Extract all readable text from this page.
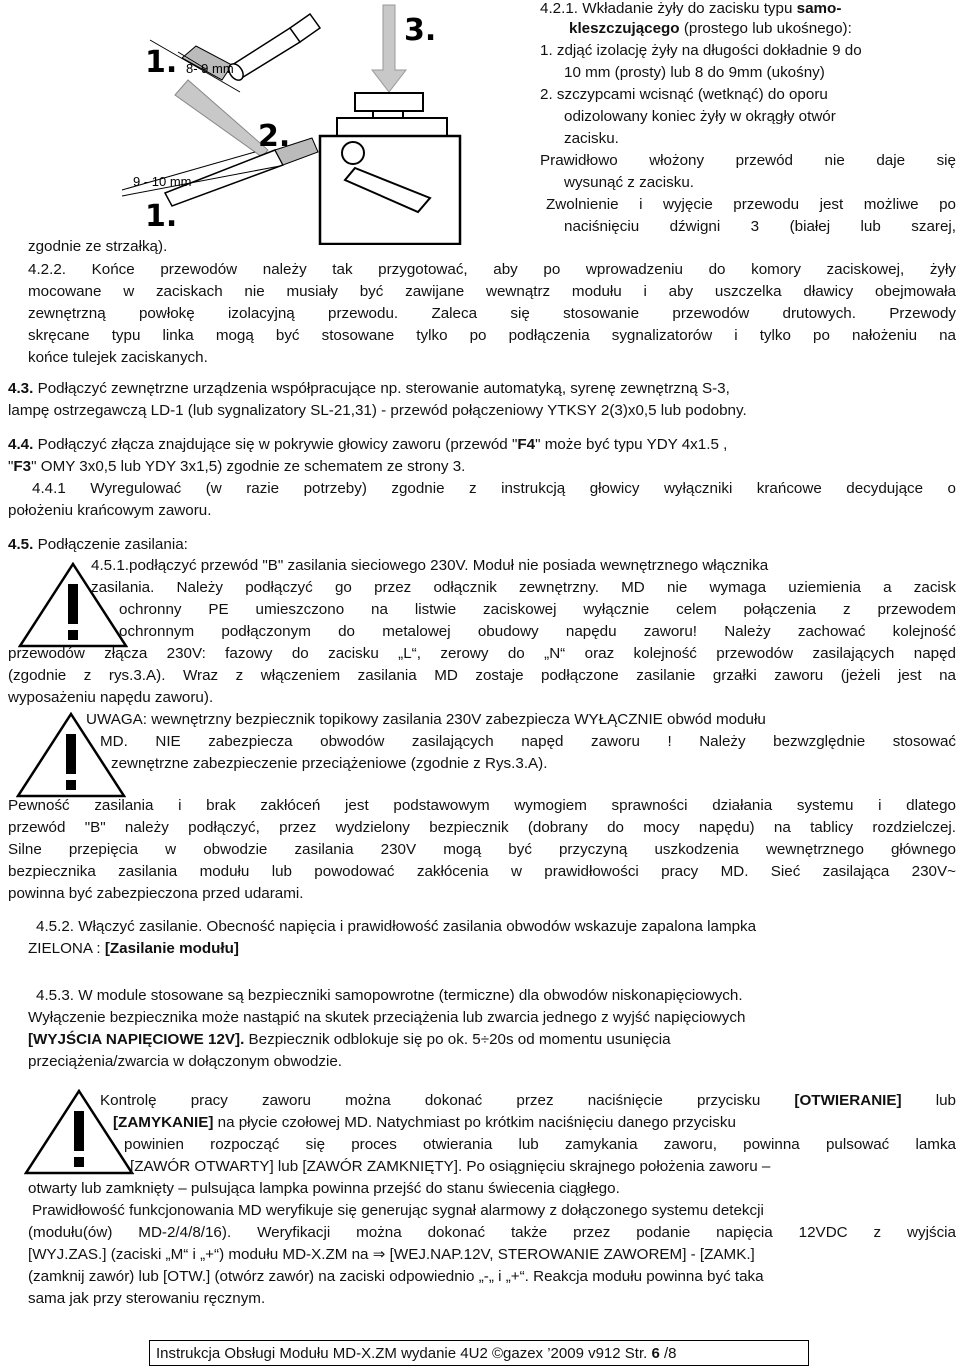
1. 8- 9 mm
2.
3.
9 - 10 mm
1.
4.2.1. Wkładanie żyły do zacisku typu samo-
kleszczującego (prostego lub ukośnego):
1. zdjąć izolację żyły na długości dokładnie 9 do
10 mm (prosty) lub 8 do 9mm (ukośny)
2. szczypcami wcisnąć (wetknąć) do oporu
odizolowany koniec żyły w okrągły otwór
zacisku.
Prawidłowo włożony przewód nie daje się
wysunąć z zacisku.
Zwolnienie i wyjęcie przewodu jest możliwe po
naciśnięciu dźwigni 3 (białej lub szarej,
zgodnie ze strzałką).
4.2.2. Końce przewodów należy tak przygotować, aby po wprowadzeniu do komory zaciskowej, żyły
mocowane w zaciskach nie musiały być zawijane wewnątrz modułu i aby uszczelka dławicy obejmowała
zewnętrzną powłokę izolacyjną przewodu. Zaleca się stosowanie przewodów drutowych. Przewody
skręcane typu linka mogą być stosowane tylko po podłączenia sygnalizatorów i tylko po nałożeniu na
końce tulejek zaciskanych.
4.3. Podłączyć zewnętrzne urządzenia współpracujące np. sterowanie automatyką, syrenę zewnętrzną S-3,
lampę ostrzegawczą LD-1 (lub sygnalizatory SL-21,31) - przewód połączeniowy YTKSY 2(3)x0,5 lub podobny.
4.4. Podłączyć złącza znajdujące się w pokrywie głowicy zaworu (przewód "F4" może być typu YDY 4x1.5 ,
"F3" OMY 3x0,5 lub YDY 3x1,5) zgodnie ze schematem ze strony 3.
4.4.1 Wyregulować (w razie potrzeby) zgodnie z instrukcją głowicy wyłączniki krańcowe decydujące o
położeniu krańcowym zaworu.
4.5. Podłączenie zasilania:
4.5.1.podłączyć przewód "B" zasilania sieciowego 230V. Moduł nie posiada wewnętrznego włącznika
zasilania. Należy podłączyć go przez odłącznik zewnętrzny. MD nie wymaga uziemienia a zacisk
ochronny PE umieszczono na listwie zaciskowej wyłącznie celem połączenia z przewodem
ochronnym podłączonym do metalowej obudowy napędu zaworu! Należy zachować kolejność
przewodów złącza 230V: fazowy do zacisku „L“, zerowy do „N“ oraz kolejność przewodów zasilających napęd
(zgodnie z rys.3.A). Wraz z włączeniem zasilania MD zostaje podłączone zasilanie grzałki zaworu (jeżeli jest na
wyposażeniu napędu zaworu).
UWAGA: wewnętrzny bezpiecznik topikowy zasilania 230V zabezpiecza WYŁĄCZNIE obwód modułu
MD. NIE zabezpiecza obwodów zasilających napęd zaworu ! Należy bezwzględnie stosować
zewnętrzne zabezpieczenie przeciążeniowe (zgodnie z Rys.3.A).
Pewność zasilania i brak zakłóceń jest podstawowym wymogiem sprawności działania systemu i dlatego
przewód "B" należy podłączyć, przez wydzielony bezpiecznik (dobrany do mocy napędu) na tablicy rozdzielczej.
Silne przepięcia w obwodzie zasilania 230V mogą być przyczyną uszkodzenia wewnętrznego głównego
bezpiecznika zasilania modułu lub powodować zakłócenia w prawidłowości pracy MD. Sieć zasilająca 230V~
powinna być zabezpieczona przed udarami.
4.5.2. Włączyć zasilanie. Obecność napięcia i prawidłowość zasilania obwodów wskazuje zapalona lampka
ZIELONA : [Zasilanie modułu]
4.5.3. W module stosowane są bezpieczniki samopowrotne (termiczne) dla obwodów niskonapięciowych.
Wyłączenie bezpiecznika może nastąpić na skutek przeciążenia lub zwarcia jednego z wyjść napięciowych
[WYJŚCIA NAPIĘCIOWE 12V]. Bezpiecznik odblokuje się po ok. 5÷20s od momentu usunięcia
przeciążenia/zwarcia w dołączonym obwodzie.
Kontrolę pracy zaworu można dokonać przez naciśnięcie przycisku [OTWIERANIE] lub
[ZAMYKANIE] na płycie czołowej MD. Natychmiast po krótkim naciśnięciu danego przycisku
powinien rozpocząć się proces otwierania lub zamykania zaworu, powinna pulsować lamka
[ZAWÓR OTWARTY] lub [ZAWÓR ZAMKNIĘTY]. Po osiągnięciu skrajnego położenia zaworu –
otwarty lub zamknięty – pulsująca lampka powinna przejść do stanu świecenia ciągłego.
Prawidłowość funkcjonowania MD weryfikuje się generując sygnał alarmowy z dołączonego systemu detekcji
(modułu(ów) MD-2/4/8/16). Weryfikacji można dokonać także przez podanie napięcia 12VDC z wyjścia
[WYJ.ZAS.] (zaciski „M“ i „+“) modułu MD-X.ZM na ⇒ [WEJ.NAP.12V, STEROWANIE ZAWOREM] - [ZAMK.]
(zamknij zawór) lub [OTW.] (otwórz zawór) na zaciski odpowiednio „-„ i „+“. Reakcja modułu powinna być taka
sama jak przy sterowaniu ręcznym.
Instrukcja Obsługi Modułu MD-X.ZM wydanie 4U2 ©gazex ’2009 v912 Str. 6 /8
